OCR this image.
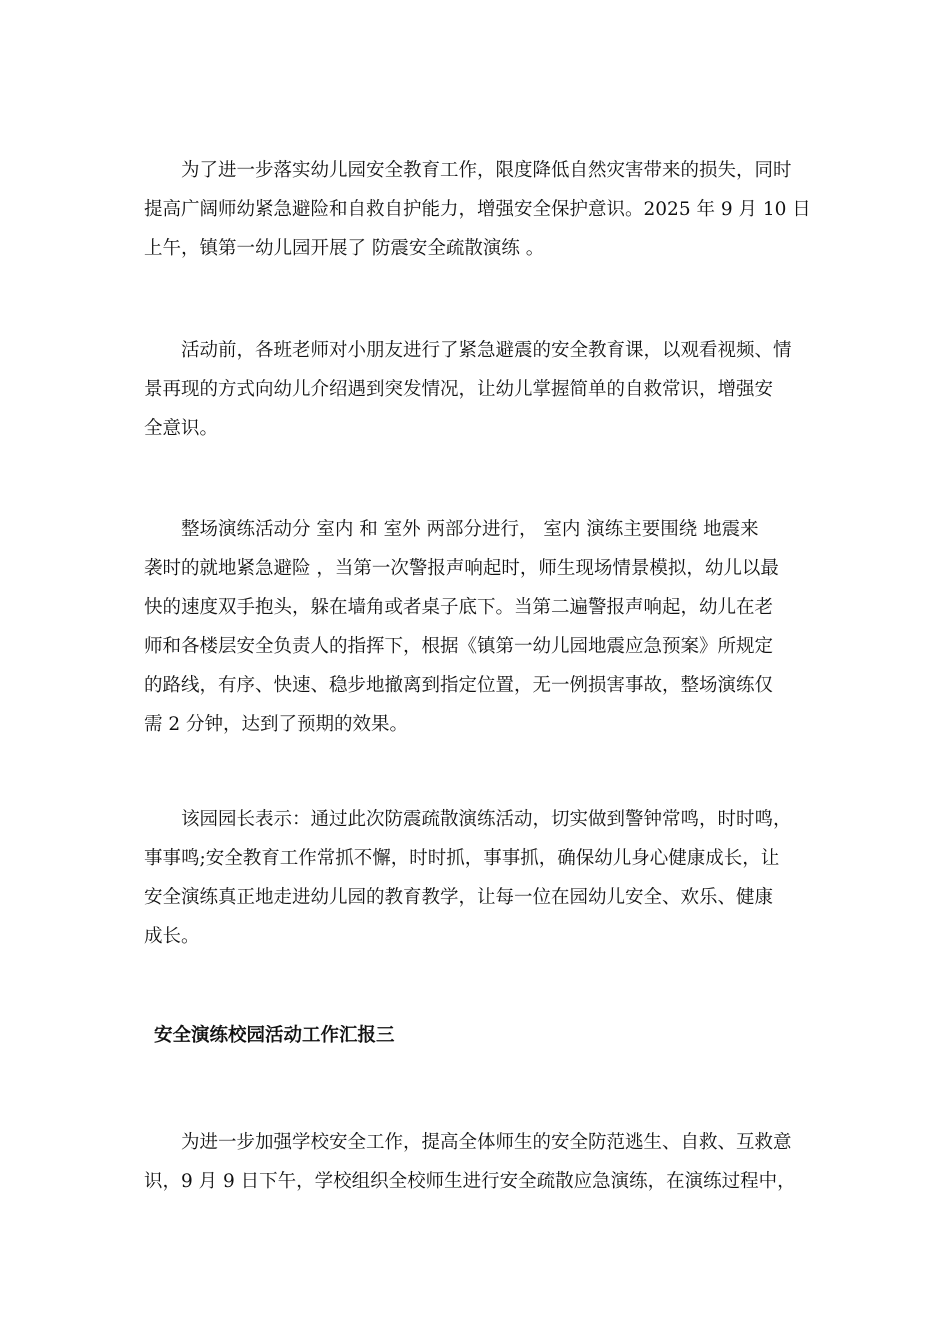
　　为了进一步落实幼儿园安全教育工作，限度降低自然灾害带来的损失，同时
提高广阔师幼紧急避险和自救自护能力，增强安全保护意识。2025 年 9 月 10 日
上午，镇第一幼儿园开展了 防震安全疏散演练 。

　　活动前，各班老师对小朋友进行了紧急避震的安全教育课，以观看视频、情
景再现的方式向幼儿介绍遇到突发情况，让幼儿掌握简单的自救常识，增强安
全意识。

　　整场演练活动分 室内 和 室外 两部分进行， 室内 演练主要围绕 地震来
袭时的就地紧急避险 ，当第一次警报声响起时，师生现场情景模拟，幼儿以最
快的速度双手抱头，躲在墙角或者桌子底下。当第二遍警报声响起，幼儿在老
师和各楼层安全负责人的指挥下，根据《镇第一幼儿园地震应急预案》所规定
的路线，有序、快速、稳步地撤离到指定位置，无一例损害事故，整场演练仅
需 2 分钟，达到了预期的效果。

　　该园园长表示：通过此次防震疏散演练活动，切实做到警钟常鸣，时时鸣，
事事鸣;安全教育工作常抓不懈，时时抓，事事抓，确保幼儿身心健康成长，让
安全演练真正地走进幼儿园的教育教学，让每一位在园幼儿安全、欢乐、健康
成长。

安全演练校园活动工作汇报三

　　为进一步加强学校安全工作，提高全体师生的安全防范逃生、自救、互救意
识，9 月 9 日下午，学校组织全校师生进行安全疏散应急演练，在演练过程中，
